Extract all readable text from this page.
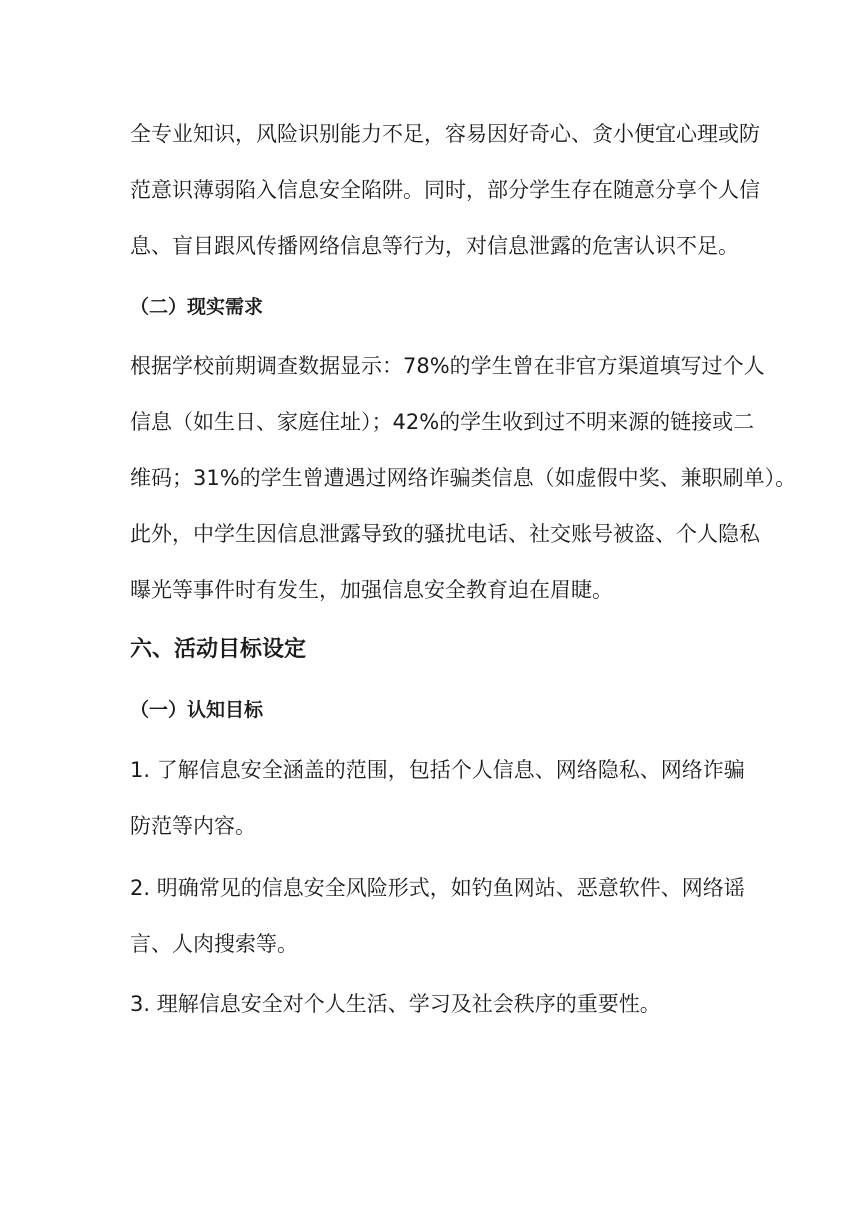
全专业知识，风险识别能力不足，容易因好奇心、贪小便宜心理或防

范意识薄弱陷入信息安全陷阱。同时，部分学生存在随意分享个人信

息、盲目跟风传播网络信息等行为，对信息泄露的危害认识不足。

（二）现实需求

根据学校前期调查数据显示：78%的学生曾在非官方渠道填写过个人

信息（如生日、家庭住址）；42%的学生收到过不明来源的链接或二

维码；31%的学生曾遭遇过网络诈骗类信息（如虚假中奖、兼职刷单）。

此外，中学生因信息泄露导致的骚扰电话、社交账号被盗、个人隐私

曝光等事件时有发生，加强信息安全教育迫在眉睫。

六、活动目标设定
（一）认知目标

1. 了解信息安全涵盖的范围，包括个人信息、网络隐私、网络诈骗

防范等内容。

2. 明确常见的信息安全风险形式，如钓鱼网站、恶意软件、网络谣

言、人肉搜索等。

3. 理解信息安全对个人生活、学习及社会秩序的重要性。
